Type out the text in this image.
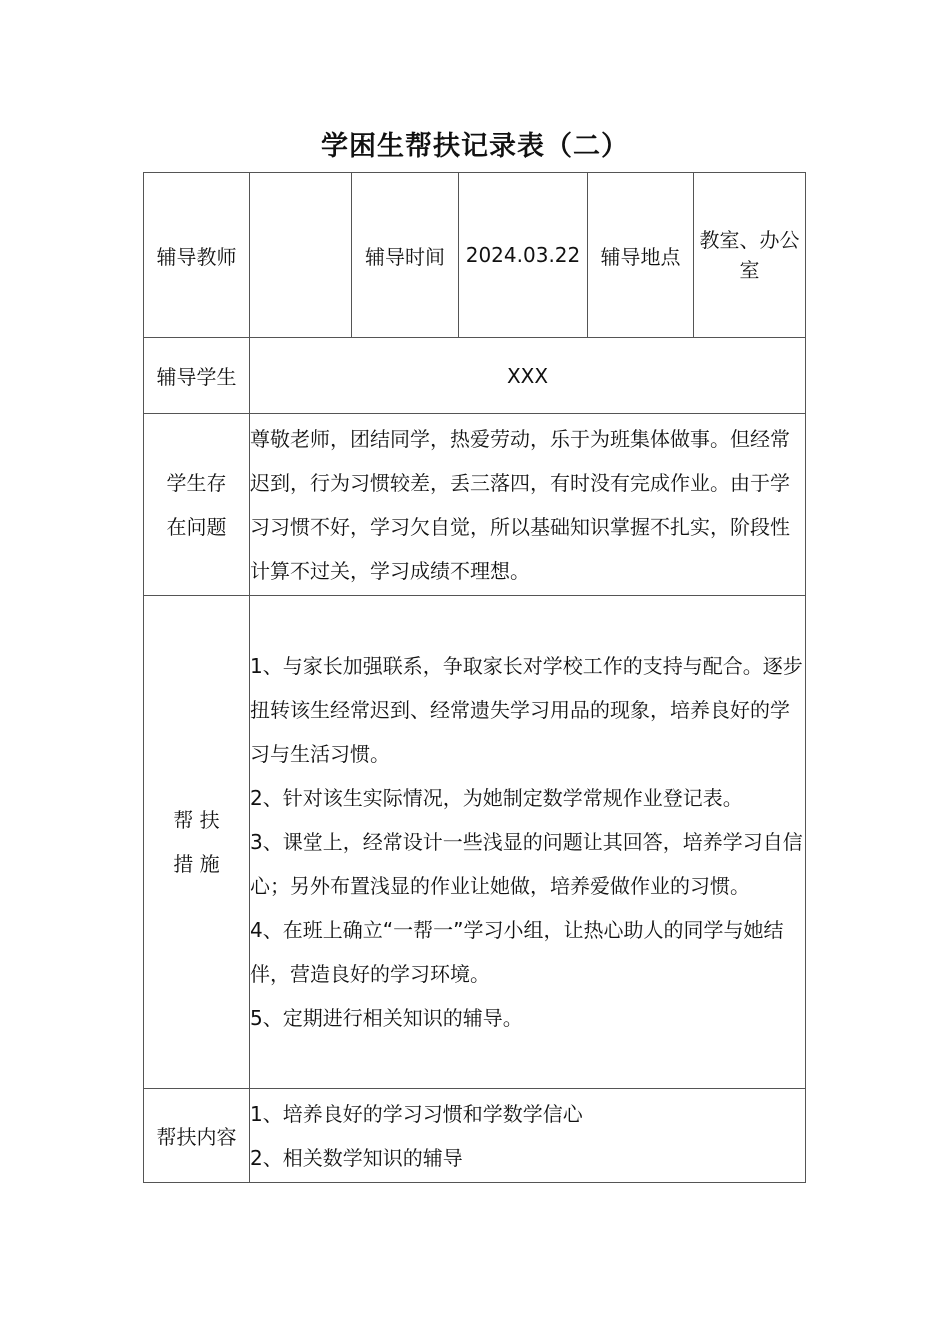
学困生帮扶记录表（二）
辅导教师		辅导时间	2024.03.22	辅导地点	教室、办公室
辅导学生	XXX				
学生存在问题	尊敬老师，团结同学，热爱劳动，乐于为班集体做事。但经常迟到，行为习惯较差，丢三落四，有时没有完成作业。由于学习习惯不好，学习欠自觉，所以基础知识掌握不扎实，阶段性计算不过关，学习成绩不理想。				
帮 扶 措 施	1、与家长加强联系，争取家长对学校工作的支持与配合。逐步扭转该生经常迟到、经常遗失学习用品的现象，培养良好的学习与生活习惯。

2、针对该生实际情况，为她制定数学常规作业登记表。

3、课堂上，经常设计一些浅显的问题让其回答，培养学习自信心；另外布置浅显的作业让她做，培养爱做作业的习惯。

4、在班上确立“一帮一”学习小组，让热心助人的同学与她结伴，营造良好的学习环境。

5、定期进行相关知识的辅导。				

帮扶内容	1、培养良好的学习习惯和学数学信心

2、相关数学知识的辅导				
